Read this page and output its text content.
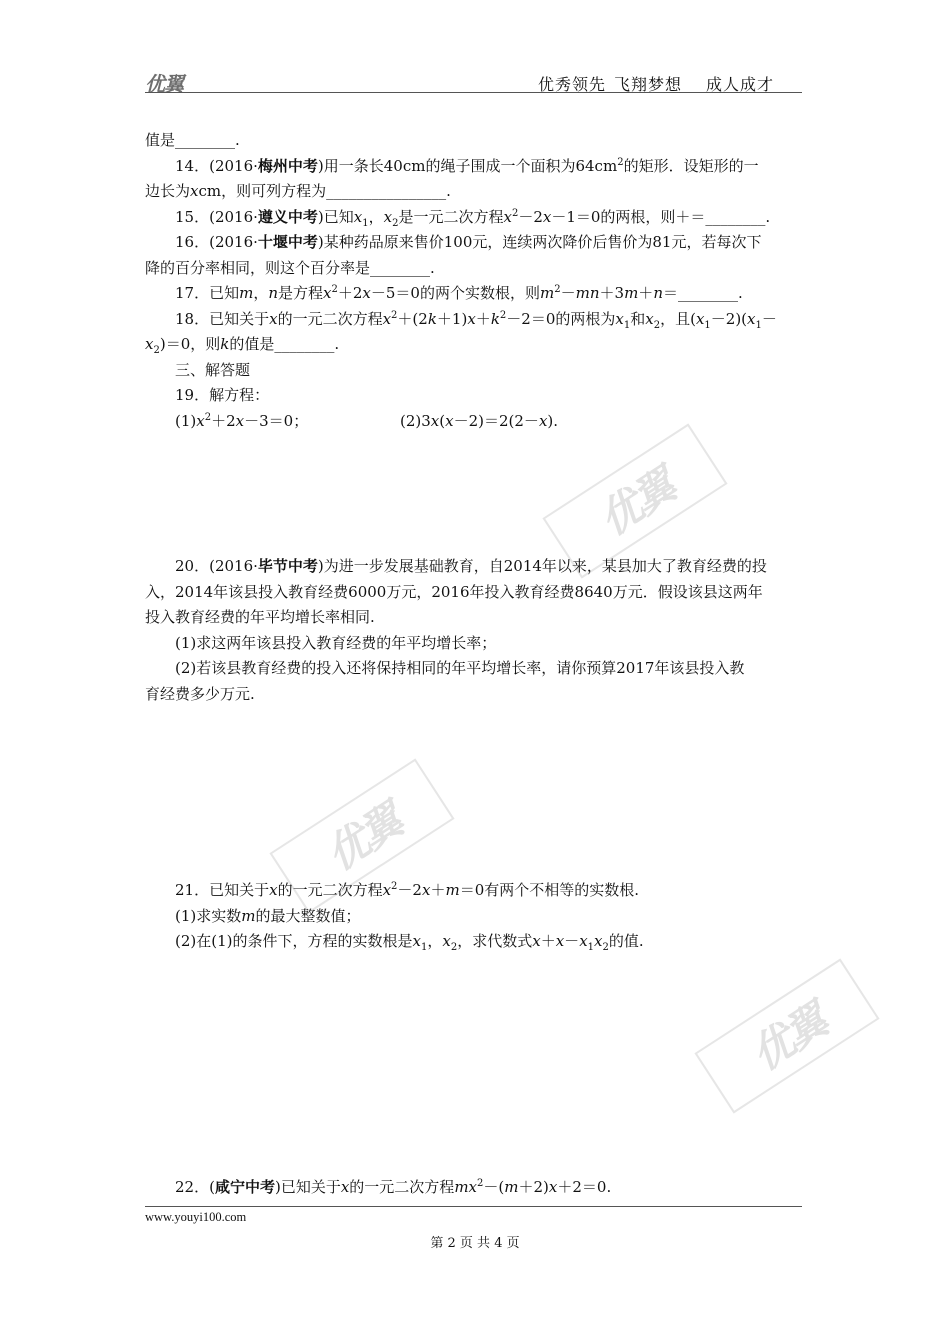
优翼	优秀领先 飞翔梦想 成人成才
优翼
优翼
优翼

值是________.

14．(2016·梅州中考)用一条长40cm的绳子围成一个面积为$64cm^2$的矩形．设矩形的一

边长为xcm，则可列方程为________________.

15．(2016·遵义中考)已知$x_1$，$x_2$是一元二次方程$x^2-2x-1=0$的两根，则＋＝________.

16．(2016·十堰中考)某种药品原来售价100元，连续两次降价后售价为81元，若每次下

降的百分率相同，则这个百分率是________.

17．已知m，n是方程$x^2+2x-5=0$的两个实数根，则$m^2-mn+3m+n=\_\_\_\_\_\_\_\_$.

18．已知关于x的一元二次方程$x^2+(2k+1)x+k^2-2=0$的两根为$x_1$和$x_2$，且$(x_1-2)(x_1-$

$x_2)=0$，则k的值是________.

三、解答题

19．解方程：

$(1)x^2+2x-3=0$；	(2)3x(x－2)＝2(2－x).

20．(2016·毕节中考)为进一步发展基础教育，自2014年以来，某县加大了教育经费的投

入，2014年该县投入教育经费6000万元，2016年投入教育经费8640万元．假设该县这两年

投入教育经费的年平均增长率相同.

(1)求这两年该县投入教育经费的年平均增长率；

(2)若该县教育经费的投入还将保持相同的年平均增长率，请你预算2017年该县投入教

育经费多少万元.

21．已知关于x的一元二次方程$x^2-2x+m=0$有两个不相等的实数根.

(1)求实数m的最大整数值；

(2)在(1)的条件下，方程的实数根是$x_1$，$x_2$，求代数式$x+x-x_1x_2$的值.

22．(咸宁中考)已知关于x的一元二次方程$mx^2-(m+2)x+2=0$.

www.youyi100.com
第 2 页 共 4 页
